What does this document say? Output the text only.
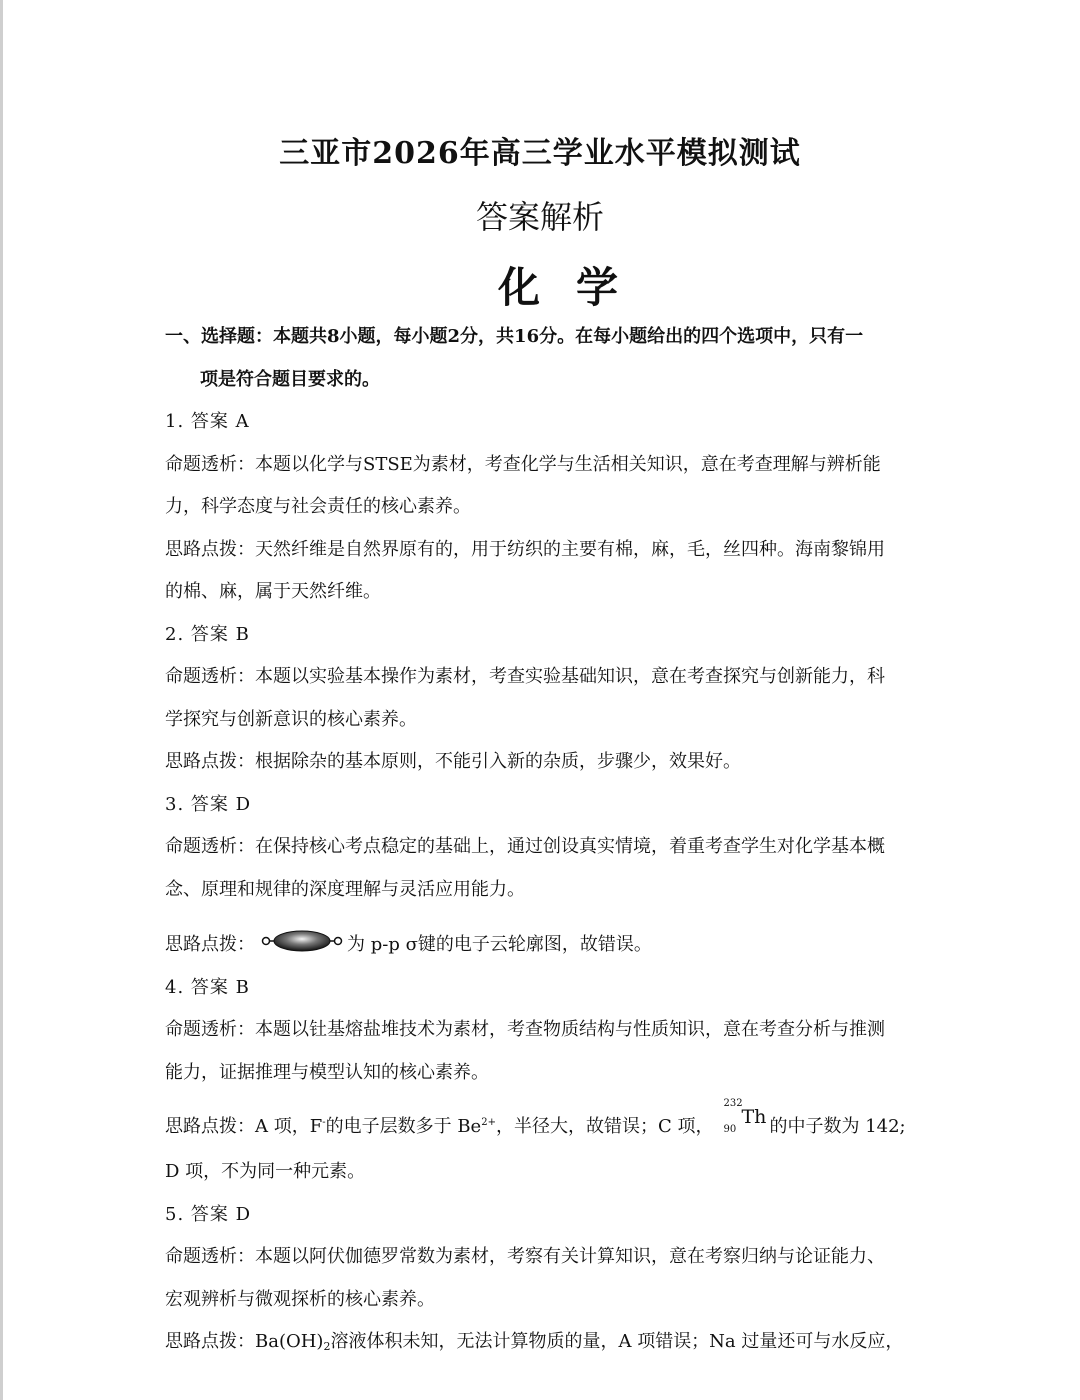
三亚市2026年高三学业水平模拟测试
答案解析
化学
一、选择题：本题共8小题，每小题2分，共16分。在每小题给出的四个选项中，只有一
项是符合题目要求的。
1. 答案 A
命题透析：本题以化学与STSE为素材，考查化学与生活相关知识，意在考查理解与辨析能
力，科学态度与社会责任的核心素养。
思路点拨：天然纤维是自然界原有的，用于纺织的主要有棉，麻，毛，丝四种。海南黎锦用
的棉、麻，属于天然纤维。
2. 答案 B
命题透析：本题以实验基本操作为素材，考查实验基础知识，意在考查探究与创新能力，科
学探究与创新意识的核心素养。
思路点拨：根据除杂的基本原则，不能引入新的杂质，步骤少，效果好。
3. 答案 D
命题透析：在保持核心考点稳定的基础上，通过创设真实情境，着重考查学生对化学基本概
念、原理和规律的深度理解与灵活应用能力。
思路点拨：	为 p-p σ键的电子云轮廓图，故错误。
4. 答案 B
命题透析：本题以钍基熔盐堆技术为素材，考查物质结构与性质知识，意在考查分析与推测
能力，证据推理与模型认知的核心素养。
思路点拨：A 项，F-的电子层数多于 $Be^{2+}$，半径大，故错误；C 项，
232
90
Th 的中子数为 142;
D 项，不为同一种元素。
5. 答案 D
命题透析：本题以阿伏伽德罗常数为素材，考察有关计算知识，意在考察归纳与论证能力、
宏观辨析与微观探析的核心素养。
思路点拨：$Ba(OH)_2$溶液体积未知，无法计算物质的量，A 项错误；Na 过量还可与水反应，
